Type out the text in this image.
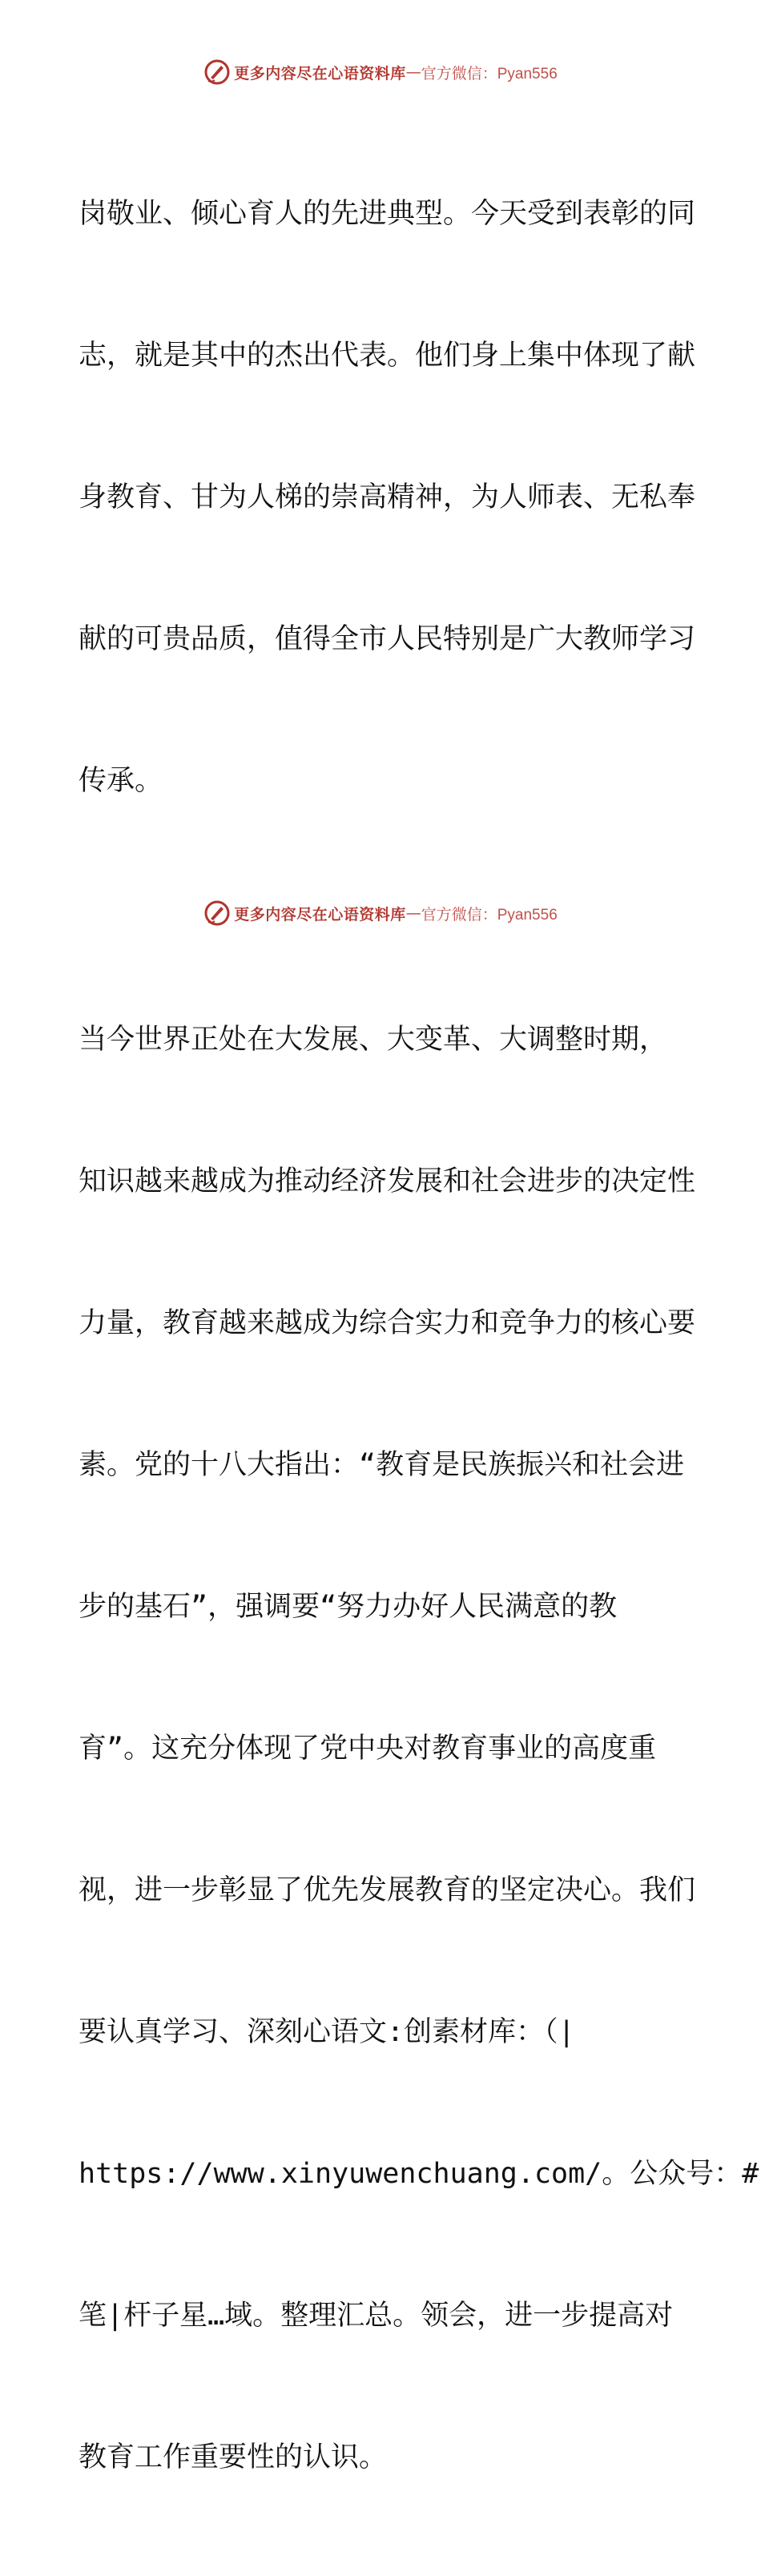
更多内容尽在心语资料库 — 官方微信：Pyan556

岗敬业、倾心育人的先进典型。今天受到表彰的同

志，就是其中的杰出代表。他们身上集中体现了献

身教育、甘为人梯的崇高精神，为人师表、无私奉

献的可贵品质，值得全市人民特别是广大教师学习

传承。

当今世界正处在大发展、大变革、大调整时期，

知识越来越成为推动经济发展和社会进步的决定性

力量，教育越来越成为综合实力和竞争力的核心要

素。党的十八大指出：“教育是民族振兴和社会进

步的基石”，强调要“努力办好人民满意的教

育”。这充分体现了党中央对教育事业的高度重

视，进一步彰显了优先发展教育的坚定决心。我们

要认真学习、深刻心语文:创素材库：（|

https://www.xinyuwenchuang.com/。公众号：#

笔|杆子星…域。整理汇总。领会，进一步提高对

教育工作重要性的认识。

更多内容尽在心语资料库 — 官方微信：Pyan556
